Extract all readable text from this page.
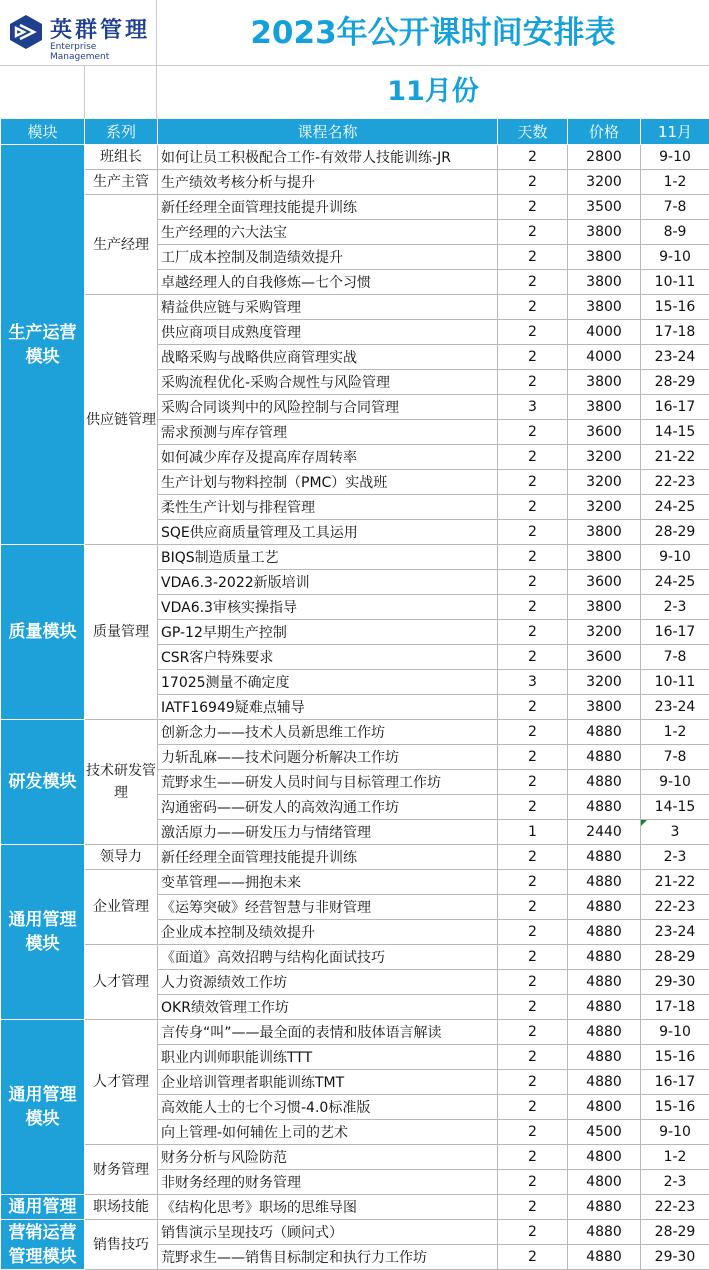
英群管理
Enterprise Management
2023年公开课时间安排表
11月份
模块	系列	课程名称	天数	价格	11月
生产运营模块	班组长	如何让员工积极配合工作-有效带人技能训练-JR	2	2800	9-10
	生产主管	生产绩效考核分析与提升	2	3200	1-2
	生产经理	新任经理全面管理技能提升训练	2	3500	7-8
		生产经理的六大法宝	2	3800	8-9
		工厂成本控制及制造绩效提升	2	3800	9-10
		卓越经理人的自我修炼—七个习惯	2	3800	10-11
	供应链管理	精益供应链与采购管理	2	3800	15-16
		供应商项目成熟度管理	2	4000	17-18
		战略采购与战略供应商管理实战	2	4000	23-24
		采购流程优化-采购合规性与风险管理	2	3800	28-29
		采购合同谈判中的风险控制与合同管理	3	3800	16-17
		需求预测与库存管理	2	3600	14-15
		如何减少库存及提高库存周转率	2	3200	21-22
		生产计划与物料控制（PMC）实战班	2	3200	22-23
		柔性生产计划与排程管理	2	3200	24-25
		SQE供应商质量管理及工具运用	2	3800	28-29
质量模块	质量管理	BIQS制造质量工艺	2	3800	9-10
		VDA6.3-2022新版培训	2	3600	24-25
		VDA6.3审核实操指导	2	3800	2-3
		GP-12早期生产控制	2	3200	16-17
		CSR客户特殊要求	2	3600	7-8
		17025测量不确定度	3	3200	10-11
		IATF16949疑难点辅导	2	3800	23-24
研发模块	技术研发管理	创新念力——技术人员新思维工作坊	2	4880	1-2
		力斩乱麻——技术问题分析解决工作坊	2	4880	7-8
		荒野求生——研发人员时间与目标管理工作坊	2	4880	9-10
		沟通密码——研发人的高效沟通工作坊	2	4880	14-15
		激活原力——研发压力与情绪管理	1	2440	3
通用管理模块	领导力	新任经理全面管理技能提升训练	2	4880	2-3
	企业管理	变革管理——拥抱未来	2	4880	21-22
		《运筹突破》经营智慧与非财管理	2	4880	22-23
		企业成本控制及绩效提升	2	4880	23-24
	人才管理	《面道》高效招聘与结构化面试技巧	2	4880	28-29
		人力资源绩效工作坊	2	4880	29-30
		OKR绩效管理工作坊	2	4880	17-18
通用管理模块	人才管理	言传身“叫”——最全面的表情和肢体语言解读	2	4880	9-10
		职业内训师职能训练TTT	2	4880	15-16
		企业培训管理者职能训练TMT	2	4880	16-17
		高效能人士的七个习惯-4.0标准版	2	4800	15-16
		向上管理-如何辅佐上司的艺术	2	4500	9-10
	财务管理	财务分析与风险防范	2	4800	1-2
		非财务经理的财务管理	2	4800	2-3
通用管理	职场技能	《结构化思考》职场的思维导图	2	4880	22-23
营销运营管理模块	销售技巧	销售演示呈现技巧（顾问式）	2	4880	28-29
		荒野求生——销售目标制定和执行力工作坊	2	4880	29-30
